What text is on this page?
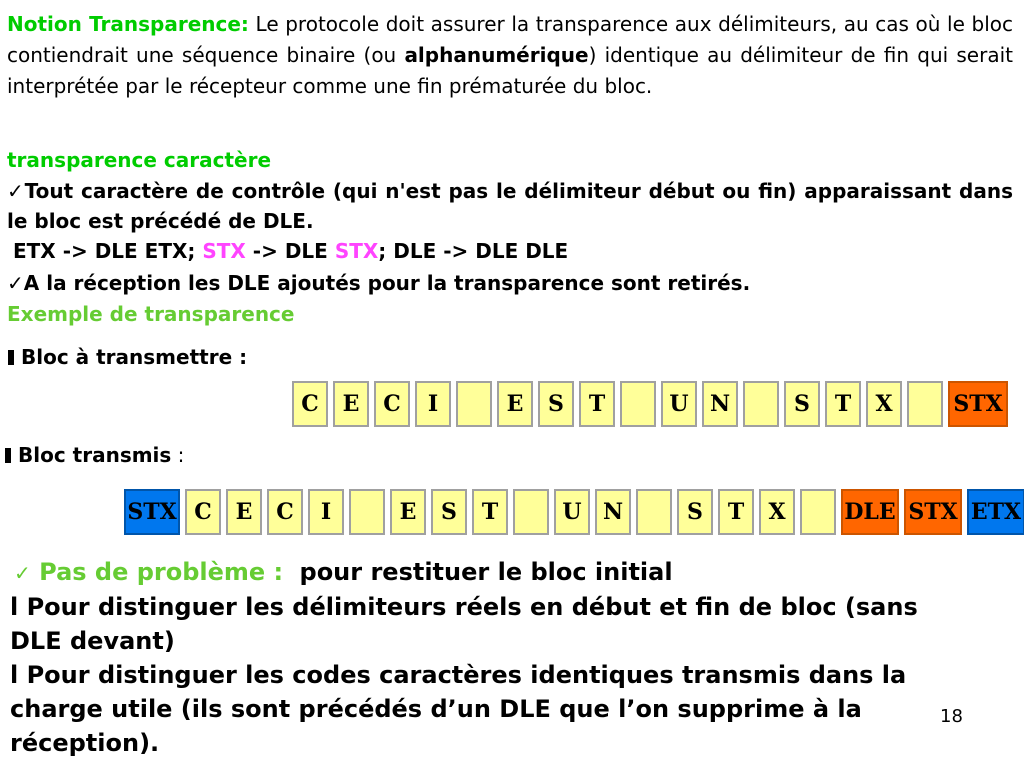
Notion Transparence: Le protocole doit assurer la transparence aux délimiteurs, au cas où le bloc contiendrait une séquence binaire (ou alphanumérique) identique au délimiteur de fin qui serait interprétée par le récepteur comme une fin prématurée du bloc.
transparence caractère
✓Tout caractère de contrôle (qui n'est pas le délimiteur début ou fin) apparaissant dans le bloc est précédé de DLE.
ETX -> DLE ETX; STX -> DLE STX; DLE -> DLE DLE
✓A la réception les DLE ajoutés pour la transparence sont retirés.
Exemple de transparence
Bloc à transmettre :
C	E	C	I	E	S	T	U N	S	T	X	STX
Bloc transmis :
STX C	E	C	I	E	S	T	U N	S	T	X	DLE STX ETX
✓ Pas de problème : pour restituer le bloc initial
l Pour distinguer les délimiteurs réels en début et fin de bloc (sans DLE devant)
l Pour distinguer les codes caractères identiques transmis dans la charge utile (ils sont précédés d’un DLE que l’on supprime à la réception).
18
